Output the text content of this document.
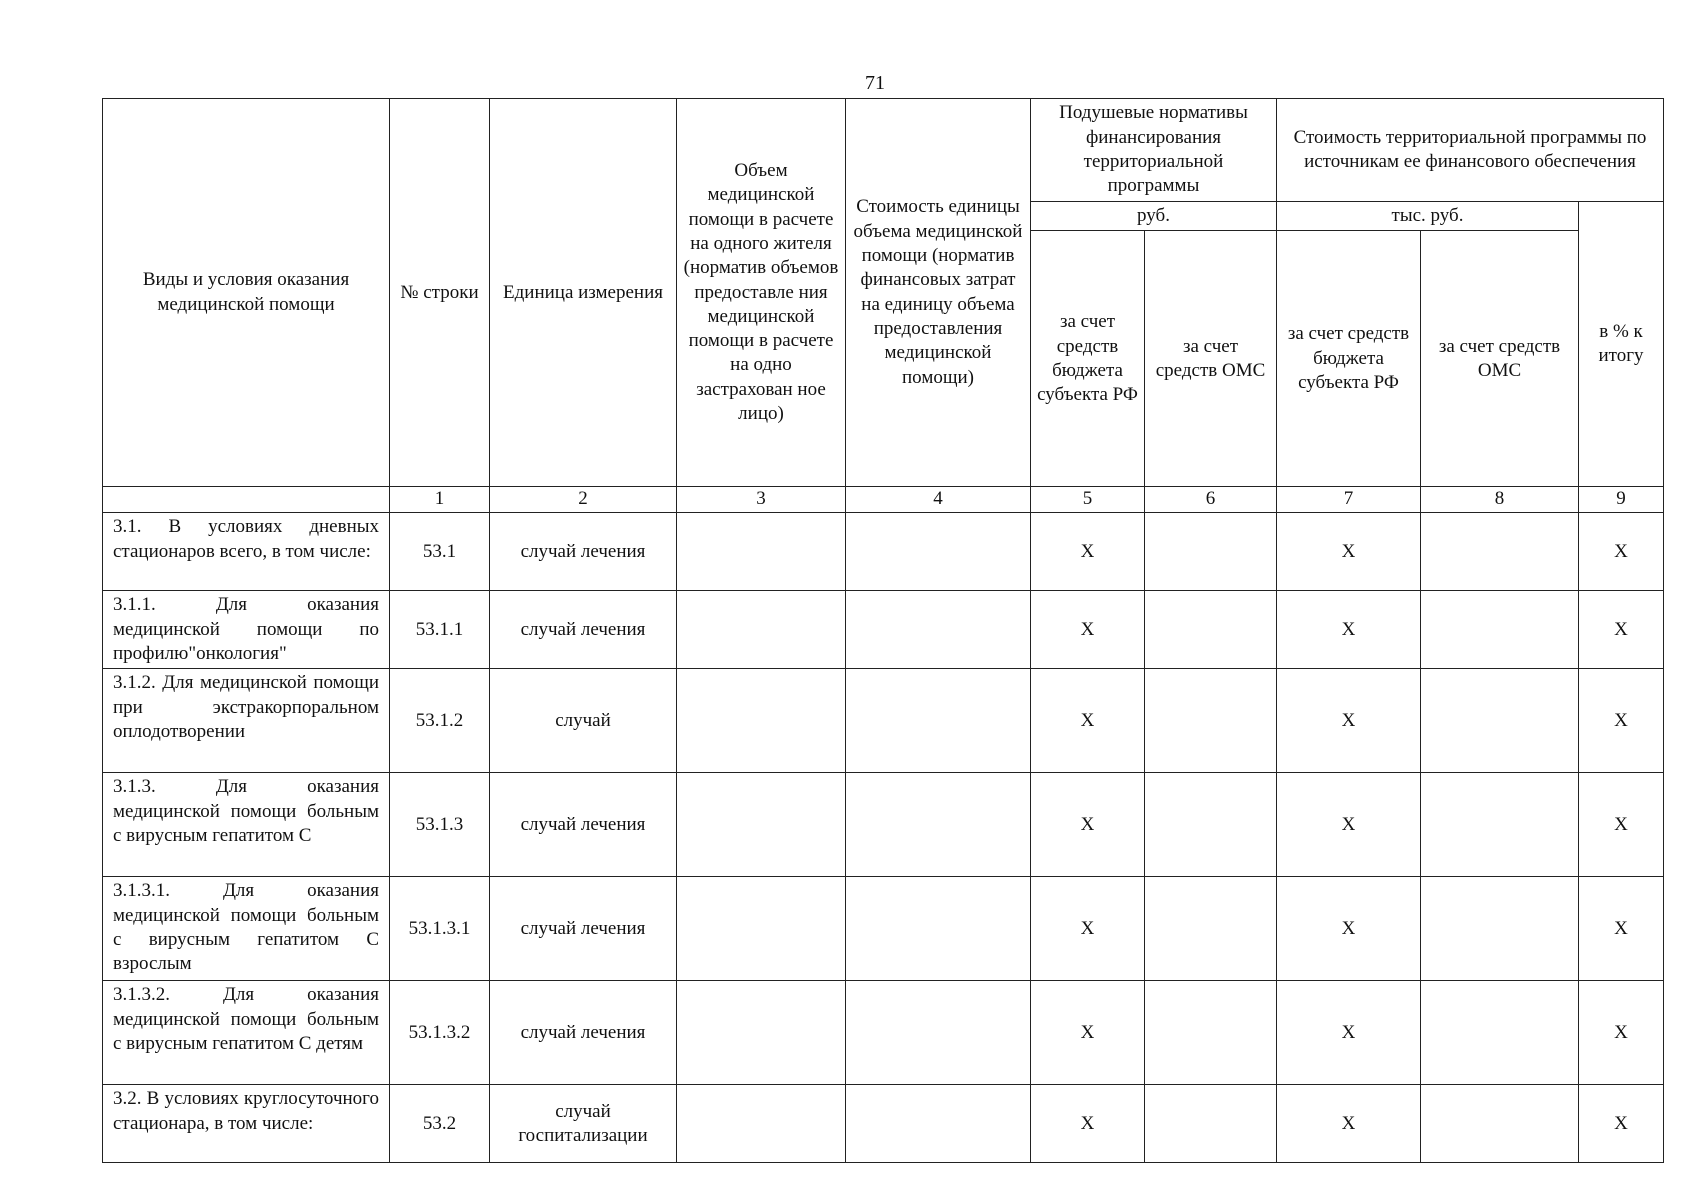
71
Виды и условия оказания медицинской помощи	№ строки	Единица измерения	Объем медицинской помощи в расчете на одного жителя (норматив объемов предоставле ния медицинской помощи в расчете на одно застрахован ное лицо)	Стоимость единицы объема медицинской помощи (норматив финансовых затрат на единицу объема предоставления медицинской помощи)	Подушевые нормативы финансирования территориальной программы		Стоимость территориальной программы по источникам ее финансового обеспечения		
					руб.		тыс. руб.		в % к итогу
					за счет средств бюджета субъекта РФ	за счет средств ОМС	за счет средств бюджета субъекта РФ	за счет средств ОМС	
	1	2	3	4	5	6	7	8	9
3.1. В условиях дневных стационаров всего, в том числе:	53.1	случай лечения			X		X		X
3.1.1. Для оказания медицинской помощи по профилю"онкология"	53.1.1	случай лечения			X		X		X
3.1.2. Для медицинской помощи при экстракорпоральном оплодотворении	53.1.2	случай			X		X		X
3.1.3. Для оказания медицинской помощи больным с вирусным гепатитом С	53.1.3	случай лечения			X		X		X
3.1.3.1. Для оказания медицинской помощи больным с вирусным гепатитом С взрослым	53.1.3.1	случай лечения			X		X		X
3.1.3.2. Для оказания медицинской помощи больным с вирусным гепатитом С детям	53.1.3.2	случай лечения			X		X		X
3.2. В условиях круглосуточного стационара, в том числе:	53.2	случай госпитализации			X		X		X
